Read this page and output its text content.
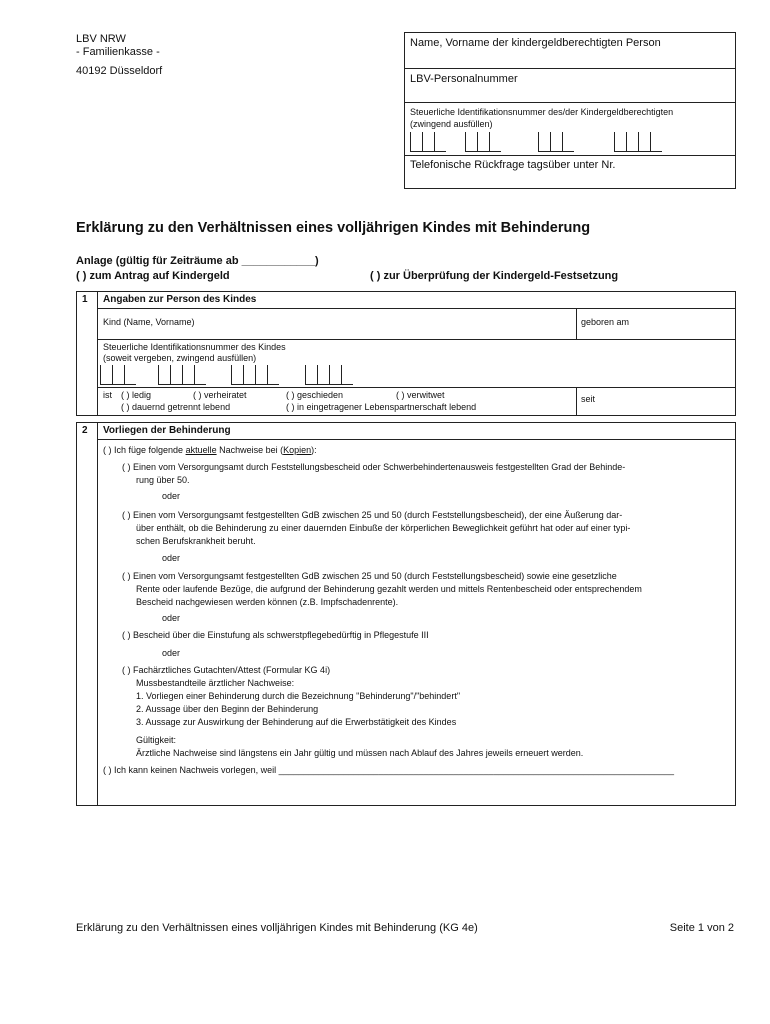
LBV NRW
- Familienkasse -
40192 Düsseldorf
Name, Vorname der kindergeldberechtigten Person
LBV-Personalnummer
Steuerliche Identifikationsnummer des/der Kindergeldberechtigten
(zwingend ausfüllen)
Telefonische Rückfrage tagsüber unter Nr.
Erklärung zu den Verhältnissen eines volljährigen Kindes mit Behinderung
Anlage (gültig für Zeiträume ab ____________)
( ) zum Antrag auf Kindergeld	( ) zur Überprüfung der Kindergeld-Festsetzung
1 Angaben zur Person des Kindes
Kind (Name, Vorname)	geboren am
Steuerliche Identifikationsnummer des Kindes
(soweit vergeben, zwingend ausfüllen)
ist ( ) ledig	( ) verheiratet	( ) geschieden	( ) verwitwet
( ) dauernd getrennt lebend	( ) in eingetragener Lebenspartnerschaft lebend
seit
2 Vorliegen der Behinderung
( ) Ich füge folgende aktuelle Nachweise bei (Kopien):
( ) Einen vom Versorgungsamt durch Feststellungsbescheid oder Schwerbehindertenausweis festgestellten Grad der Behinde-
rung über 50.
oder
( ) Einen vom Versorgungsamt festgestellten GdB zwischen 25 und 50 (durch Feststellungsbescheid), der eine Äußerung dar-
über enthält, ob die Behinderung zu einer dauernden Einbuße der körperlichen Beweglichkeit geführt hat oder auf einer typi-
schen Berufskrankheit beruht.
oder
( ) Einen vom Versorgungsamt festgestellten GdB zwischen 25 und 50 (durch Feststellungsbescheid) sowie eine gesetzliche
Rente oder laufende Bezüge, die aufgrund der Behinderung gezahlt werden und mittels Rentenbescheid oder entsprechendem
Bescheid nachgewiesen werden können (z.B. Impfschadenrente).
oder
( ) Bescheid über die Einstufung als schwerstpflegebedürftig in Pflegestufe III
oder
( ) Fachärztliches Gutachten/Attest (Formular KG 4i)
Mussbestandteile ärztlicher Nachweise:
1. Vorliegen einer Behinderung durch die Bezeichnung "Behinderung"/"behindert"
2. Aussage über den Beginn der Behinderung
3. Aussage zur Auswirkung der Behinderung auf die Erwerbstätigkeit des Kindes
Gültigkeit:
Ärztliche Nachweise sind längstens ein Jahr gültig und müssen nach Ablauf des Jahres jeweils erneuert werden.
( ) Ich kann keinen Nachweis vorlegen, weil _______________________________________________________________________________
Erklärung zu den Verhältnissen eines volljährigen Kindes mit Behinderung (KG 4e)	Seite 1 von 2
